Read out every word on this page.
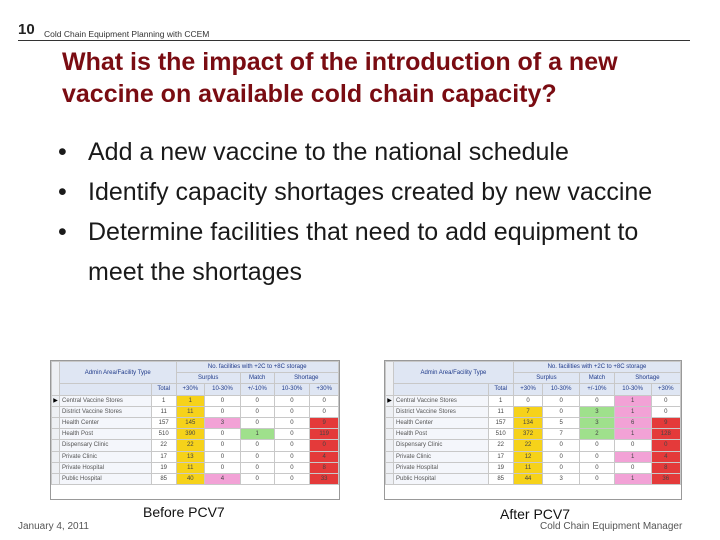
10 Cold Chain Equipment Planning with CCEM
What is the impact of the introduction of a new vaccine on available cold chain capacity?
• Add a new vaccine to the national schedule
• Identify capacity shortages created by new vaccine
• Determine facilities that need to add equipment to meet the shortages
	Admin Area/Facility Type		No. facilities with +2C to +8C storage				
			Surplus		Match	Shortage	
		Total	+30%	10-30%	+/-10%	10-30%	+30%
▶	Central Vaccine Stores	1	1	0	0	0	0
	District Vaccine Stores	11	11	0	0	0	0
	Health Center	157	145	3	0	0	9
	Health Post	510	390	0	1	0	119
	Dispensary Clinic	22	22	0	0	0	0
	Private Clinic	17	13	0	0	0	4
	Private Hospital	19	11	0	0	0	8
	Public Hospital	85	40	4	0	0	33
	Admin Area/Facility Type		No. facilities with +2C to +8C storage				
			Surplus		Match	Shortage	
		Total	+30%	10-30%	+/-10%	10-30%	+30%
▶	Central Vaccine Stores	1	0	0	0	1	0
	District Vaccine Stores	11	7	0	3	1	0
	Health Center	157	134	5	3	6	9
	Health Post	510	372	7	2	1	128
	Dispensary Clinic	22	22	0	0	0	0
	Private Clinic	17	12	0	0	1	4
	Private Hospital	19	11	0	0	0	8
	Public Hospital	85	44	3	0	1	36
Before PCV7	After PCV7
January 4, 2011	Cold Chain Equipment Manager
